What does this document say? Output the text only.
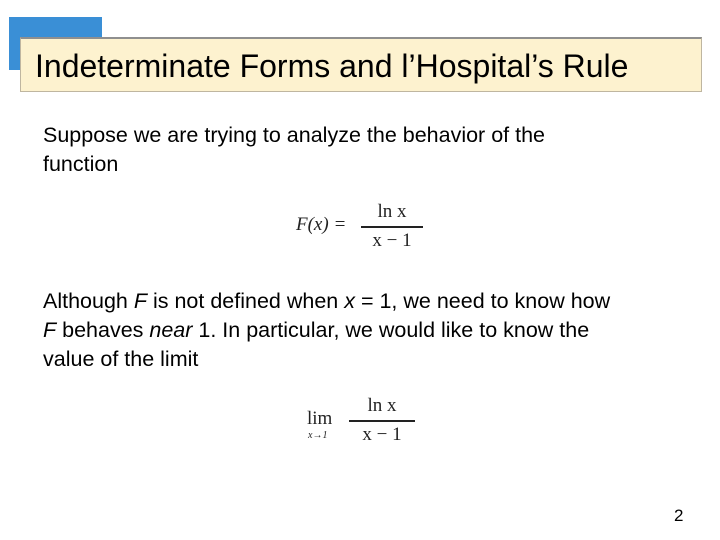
Indeterminate Forms and l’Hospital’s Rule
Suppose we are trying to analyze the behavior of the
function
F(x) =
ln x
x − 1
Although F is not defined when x = 1, we need to know how
F behaves near 1. In particular, we would like to know the
value of the limit
lim
x→1
ln x
x − 1
2
